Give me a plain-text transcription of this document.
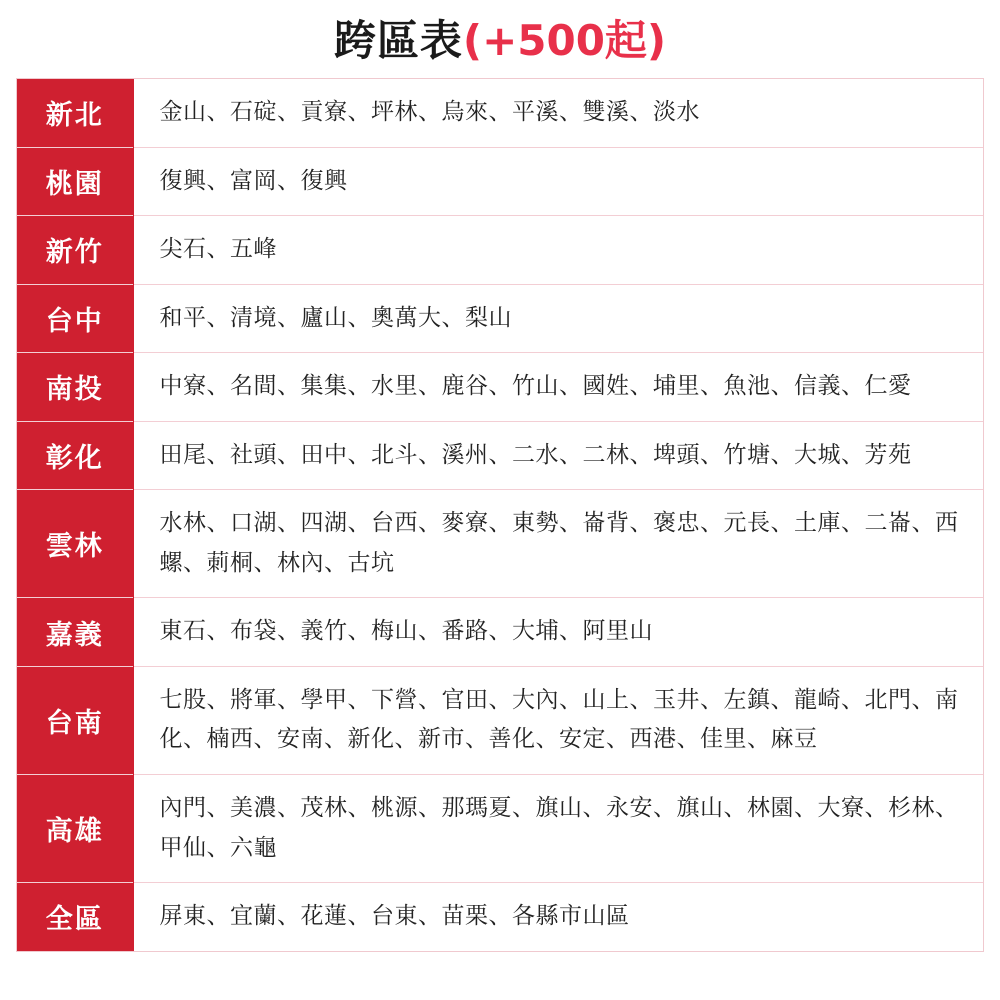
跨區表(+500起)
新北	金山、石碇、貢寮、坪林、烏來、平溪、雙溪、淡水
桃園	復興、富岡、復興
新竹	尖石、五峰
台中	和平、清境、廬山、奧萬大、梨山
南投	中寮、名間、集集、水里、鹿谷、竹山、國姓、埔里、魚池、信義、仁愛
彰化	田尾、社頭、田中、北斗、溪州、二水、二林、埤頭、竹塘、大城、芳苑
雲林	水林、口湖、四湖、台西、麥寮、東勢、崙背、褒忠、元長、土庫、二崙、西螺、莿桐、林內、古坑
嘉義	東石、布袋、義竹、梅山、番路、大埔、阿里山
台南	七股、將軍、學甲、下營、官田、大內、山上、玉井、左鎮、龍崎、北門、南化、楠西、安南、新化、新市、善化、安定、西港、佳里、麻豆
高雄	內門、美濃、茂林、桃源、那瑪夏、旗山、永安、旗山、林園、大寮、杉林、甲仙、六龜
全區	屏東、宜蘭、花蓮、台東、苗栗、各縣市山區
